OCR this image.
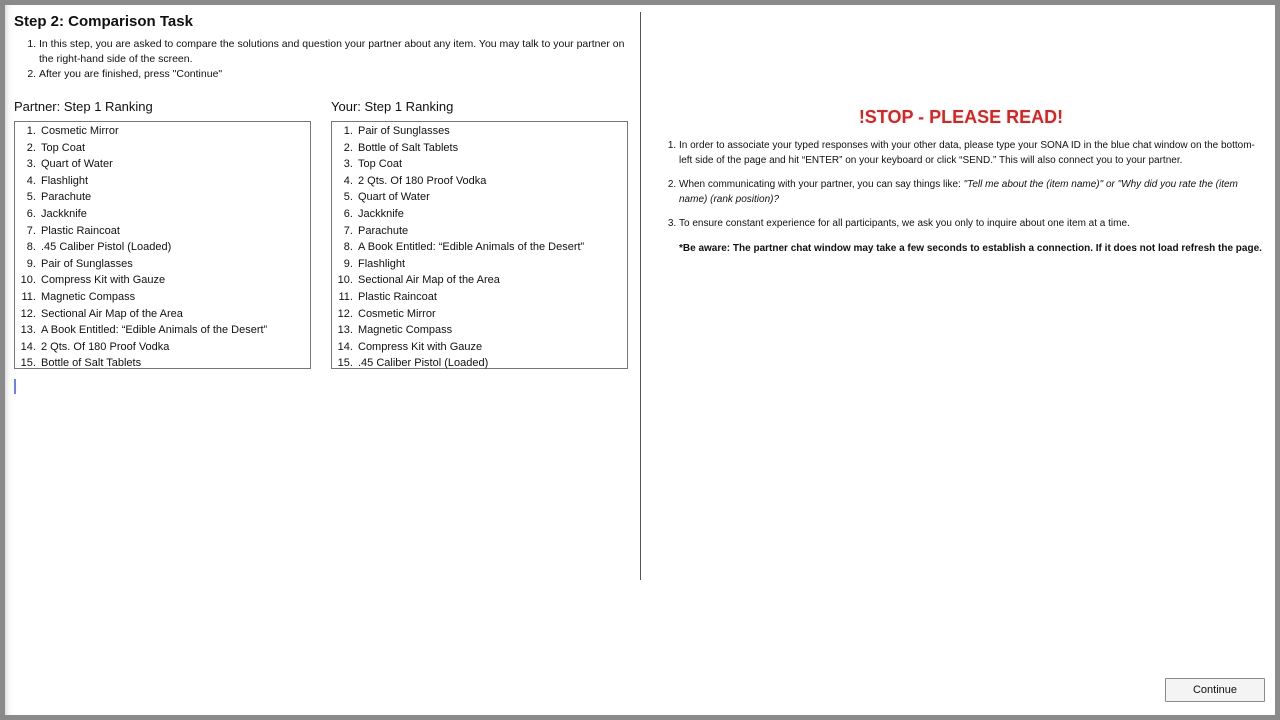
Step 2: Comparison Task
1. In this step, you are asked to compare the solutions and question your partner about any item. You may talk to your partner on the right-hand side of the screen.
2. After you are finished, press "Continue"
Partner: Step 1 Ranking
1 . Cosmetic Mirror
2 . Top Coat
3 . Quart of Water
4 . Flashlight
5 . Parachute
6 . Jackknife
7 . Plastic Raincoat
8 . .45 Caliber Pistol (Loaded)
9 . Pair of Sunglasses
10 . Compress Kit with Gauze
11 . Magnetic Compass
12 . Sectional Air Map of the Area
13 . A Book Entitled: “Edible Animals of the Desert”
14 . 2 Qts. Of 180 Proof Vodka
15 . Bottle of Salt Tablets
Your: Step 1 Ranking
1 . Pair of Sunglasses
2 . Bottle of Salt Tablets
3 . Top Coat
4 . 2 Qts. Of 180 Proof Vodka
5 . Quart of Water
6 . Jackknife
7 . Parachute
8 . A Book Entitled: “Edible Animals of the Desert”
9 . Flashlight
10 . Sectional Air Map of the Area
11 . Plastic Raincoat
12 . Cosmetic Mirror
13 . Magnetic Compass
14 . Compress Kit with Gauze
15 . .45 Caliber Pistol (Loaded)
!STOP - PLEASE READ!
1. In order to associate your typed responses with your other data, please type your SONA ID in the blue chat window on the bottom-left side of the page and hit “ENTER” on your keyboard or click “SEND.” This will also connect you to your partner.
2. When communicating with your partner, you can say things like: "Tell me about the (item name)" or "Why did you rate the (item name) (rank position)?
3. To ensure constant experience for all participants, we ask you only to inquire about one item at a time.

*Be aware: The partner chat window may take a few seconds to establish a connection. If it does not load refresh the page.

Continue
